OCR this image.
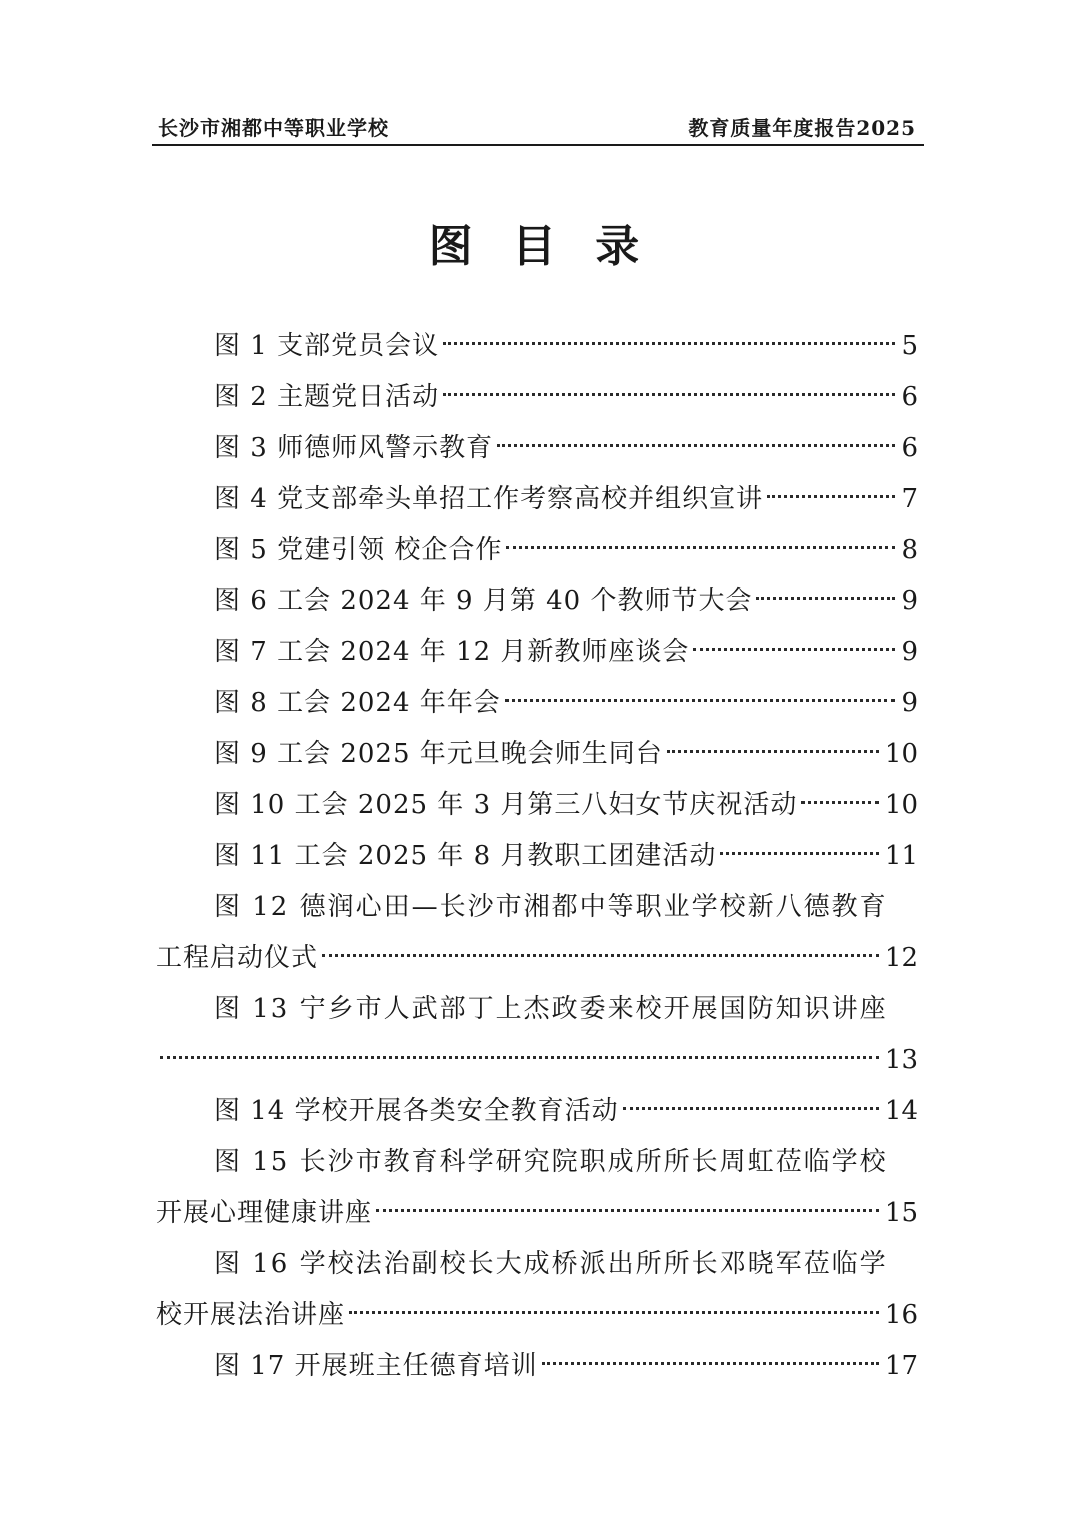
长沙市湘都中等职业学校	教育质量年度报告2025
图 目 录
图 1 支部党员会议	5
图 2 主题党日活动	6
图 3 师德师风警示教育	6
图 4 党支部牵头单招工作考察高校并组织宣讲	7
图 5 党建引领 校企合作	8
图 6 工会 2024 年 9 月第 40 个教师节大会	9
图 7 工会 2024 年 12 月新教师座谈会	9
图 8 工会 2024 年年会	9
图 9 工会 2025 年元旦晚会师生同台	10
图 10 工会 2025 年 3 月第三八妇女节庆祝活动	10
图 11 工会 2025 年 8 月教职工团建活动	11
图 12 德润心田—长沙市湘都中等职业学校新八德教育
工程启动仪式	12
图 13 宁乡市人武部丁上杰政委来校开展国防知识讲座
13
图 14 学校开展各类安全教育活动	14
图 15 长沙市教育科学研究院职成所所长周虹莅临学校
开展心理健康讲座	15
图 16 学校法治副校长大成桥派出所所长邓晓军莅临学
校开展法治讲座	16
图 17 开展班主任德育培训	17
